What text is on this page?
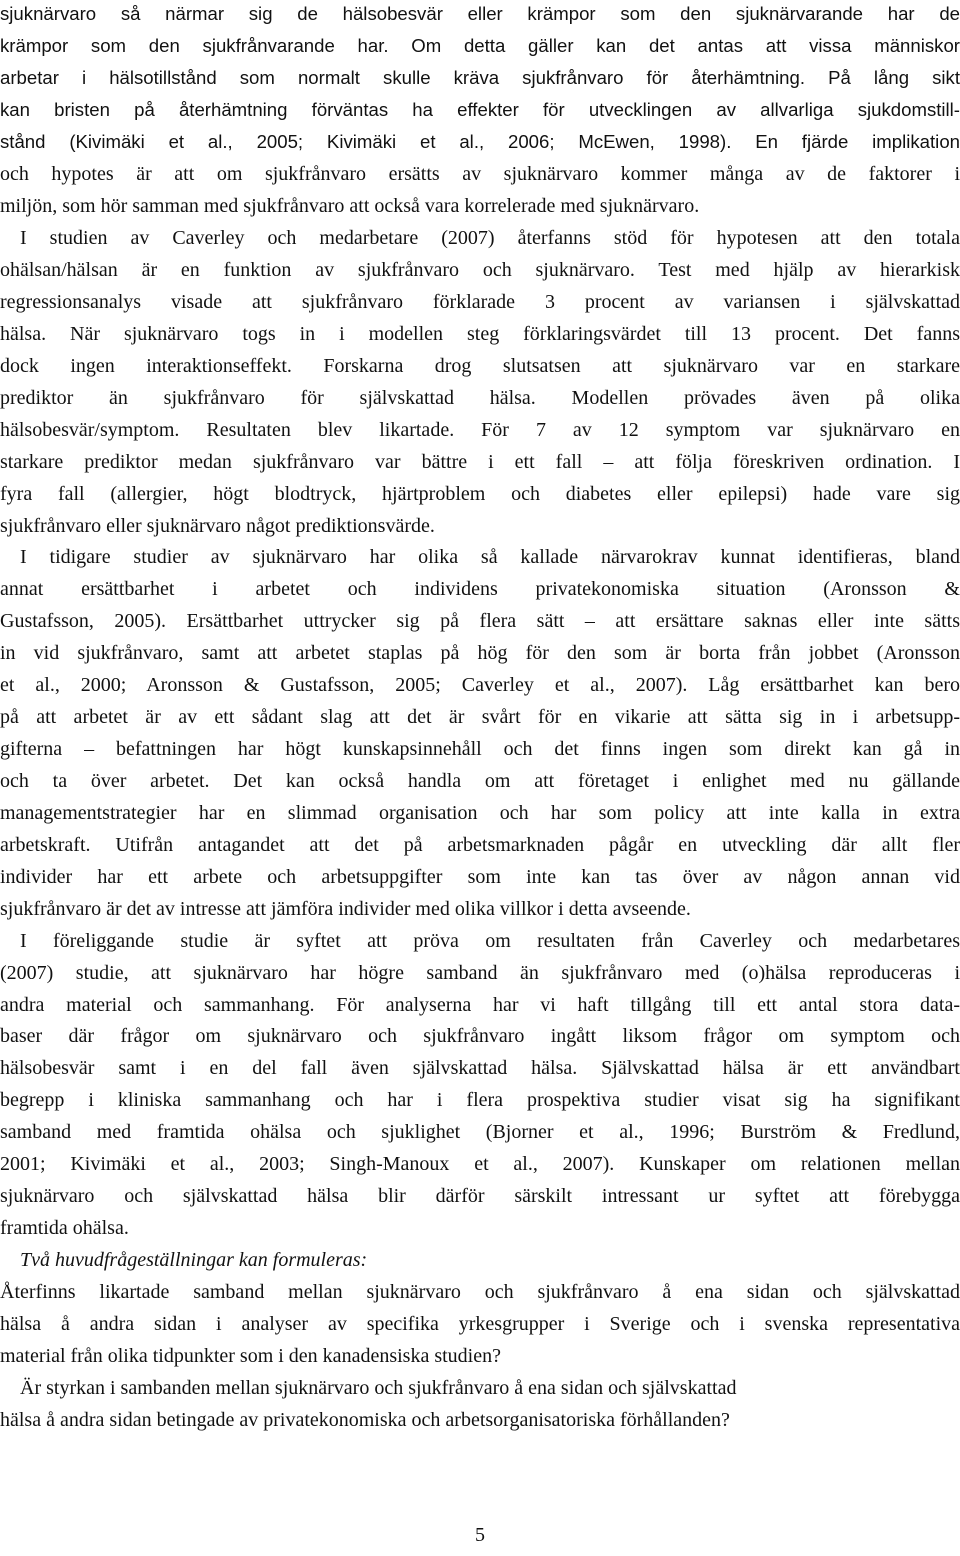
sjuknärvaro så närmar sig de hälsobesvär eller krämpor som den sjuknärvarande har de
krämpor som den sjukfrånvarande har. Om detta gäller kan det antas att vissa människor
arbetar i hälsotillstånd som normalt skulle kräva sjukfrånvaro för återhämtning. På lång sikt
kan bristen på återhämtning förväntas ha effekter för utvecklingen av allvarliga sjukdomstill-
stånd (Kivimäki et al., 2005; Kivimäki et al., 2006; McEwen, 1998). En fjärde implikation
och hypotes är att om sjukfrånvaro ersätts av sjuknärvaro kommer många av de faktorer i
miljön, som hör samman med sjukfrånvaro att också vara korrelerade med sjuknärvaro.
I studien av Caverley och medarbetare (2007) återfanns stöd för hypotesen att den totala
ohälsan/hälsan är en funktion av sjukfrånvaro och sjuknärvaro. Test med hjälp av hierarkisk
regressionsanalys visade att sjukfrånvaro förklarade 3 procent av variansen i självskattad
hälsa. När sjuknärvaro togs in i modellen steg förklaringsvärdet till 13 procent. Det fanns
dock ingen interaktionseffekt. Forskarna drog slutsatsen att sjuknärvaro var en starkare
prediktor än sjukfrånvaro för självskattad hälsa. Modellen prövades även på olika
hälsobesvär/symptom. Resultaten blev likartade. För 7 av 12 symptom var sjuknärvaro en
starkare prediktor medan sjukfrånvaro var bättre i ett fall – att följa föreskriven ordination. I
fyra fall (allergier, högt blodtryck, hjärtproblem och diabetes eller epilepsi) hade vare sig
sjukfrånvaro eller sjuknärvaro något prediktionsvärde.
I tidigare studier av sjuknärvaro har olika så kallade närvarokrav kunnat identifieras, bland
annat ersättbarhet i arbetet och individens privatekonomiska situation (Aronsson &
Gustafsson, 2005). Ersättbarhet uttrycker sig på flera sätt – att ersättare saknas eller inte sätts
in vid sjukfrånvaro, samt att arbetet staplas på hög för den som är borta från jobbet (Aronsson
et al., 2000; Aronsson & Gustafsson, 2005; Caverley et al., 2007). Låg ersättbarhet kan bero
på att arbetet är av ett sådant slag att det är svårt för en vikarie att sätta sig in i arbetsupp-
gifterna – befattningen har högt kunskapsinnehåll och det finns ingen som direkt kan gå in
och ta över arbetet. Det kan också handla om att företaget i enlighet med nu gällande
managementstrategier har en slimmad organisation och har som policy att inte kalla in extra
arbetskraft. Utifrån antagandet att det på arbetsmarknaden pågår en utveckling där allt fler
individer har ett arbete och arbetsuppgifter som inte kan tas över av någon annan vid
sjukfrånvaro är det av intresse att jämföra individer med olika villkor i detta avseende.
I föreliggande studie är syftet att pröva om resultaten från Caverley och medarbetares
(2007) studie, att sjuknärvaro har högre samband än sjukfrånvaro med (o)hälsa reproduceras i
andra material och sammanhang. För analyserna har vi haft tillgång till ett antal stora data-
baser där frågor om sjuknärvaro och sjukfrånvaro ingått liksom frågor om symptom och
hälsobesvär samt i en del fall även självskattad hälsa. Självskattad hälsa är ett användbart
begrepp i kliniska sammanhang och har i flera prospektiva studier visat sig ha signifikant
samband med framtida ohälsa och sjuklighet (Bjorner et al., 1996; Burström & Fredlund,
2001; Kivimäki et al., 2003; Singh-Manoux et al., 2007). Kunskaper om relationen mellan
sjuknärvaro och självskattad hälsa blir därför särskilt intressant ur syftet att förebygga
framtida ohälsa.
Två huvudfrågeställningar kan formuleras:
Återfinns likartade samband mellan sjuknärvaro och sjukfrånvaro å ena sidan och självskattad
hälsa å andra sidan i analyser av specifika yrkesgrupper i Sverige och i svenska representativa
material från olika tidpunkter som i den kanadensiska studien?
Är styrkan i sambanden mellan sjuknärvaro och sjukfrånvaro å ena sidan och självskattad
hälsa å andra sidan betingade av privatekonomiska och arbetsorganisatoriska förhållanden?
5
